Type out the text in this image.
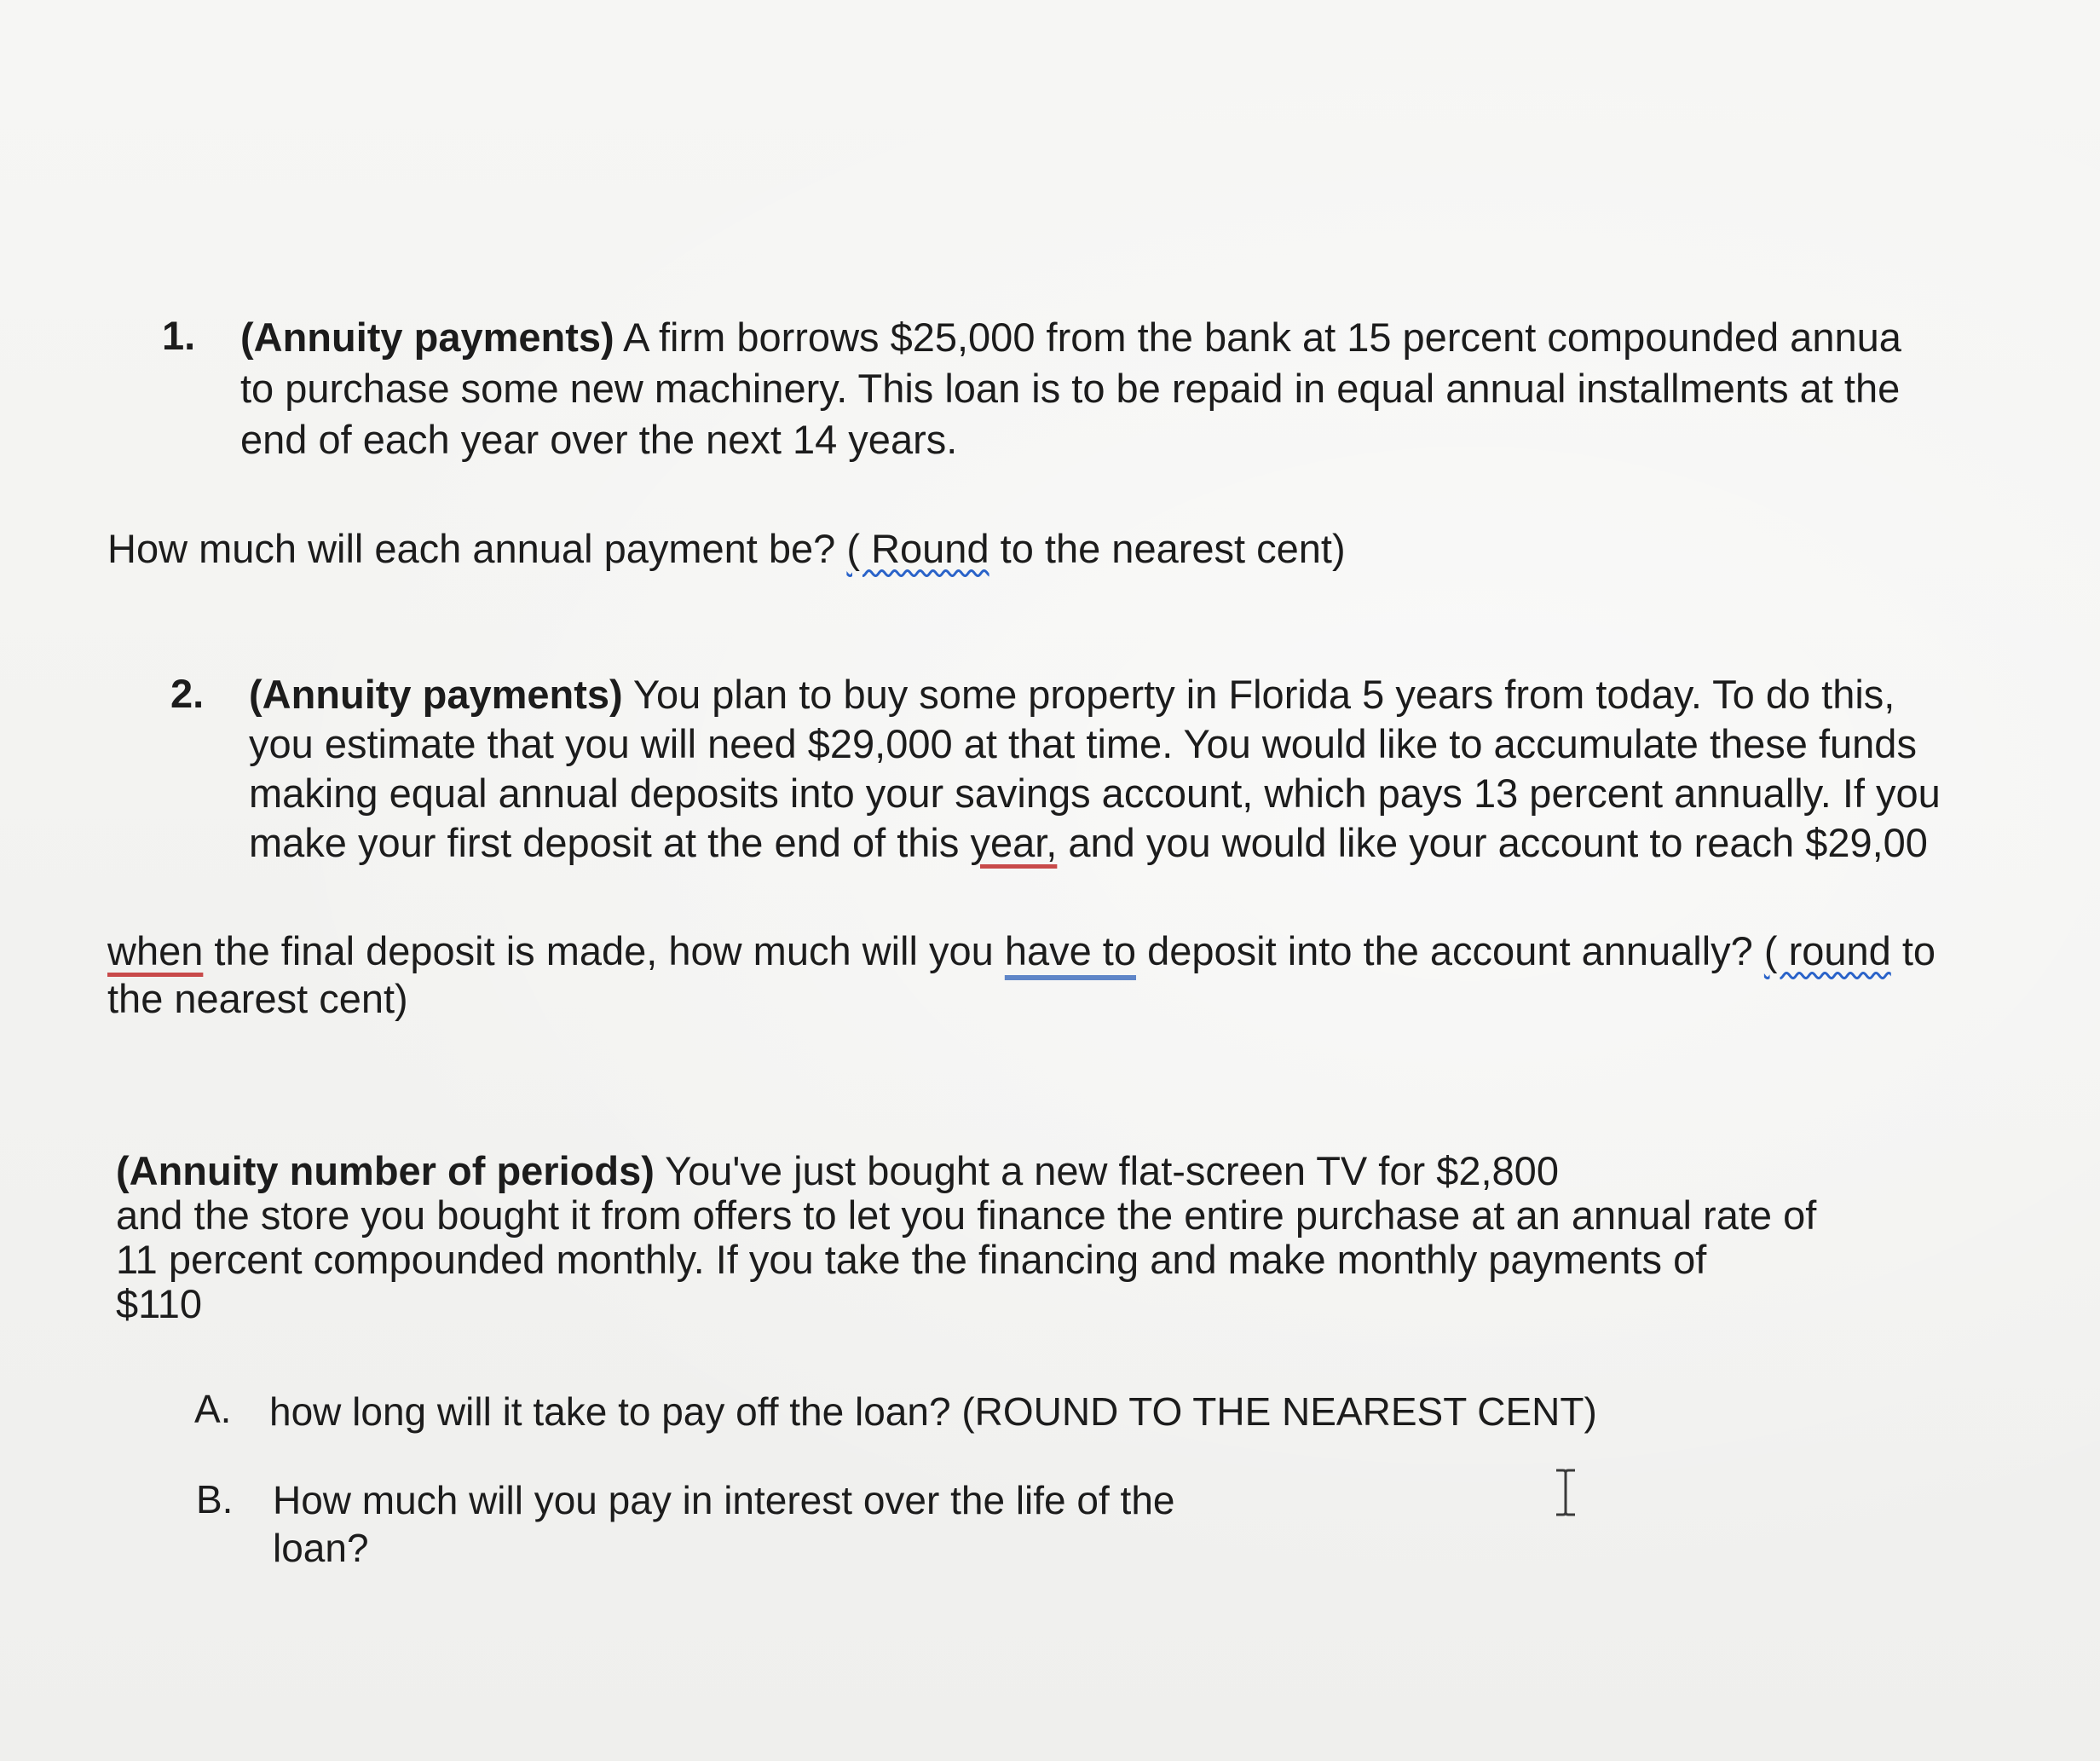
1. (Annuity payments) A firm borrows $25,000 from the bank at 15 percent compounded annua
to purchase some new machinery. This loan is to be repaid in equal annual installments at the
end of each year over the next 14 years.
How much will each annual payment be? ( Round to the nearest cent)
2. (Annuity payments) You plan to buy some property in Florida 5 years from today. To do this,
you estimate that you will need $29,000 at that time. You would like to accumulate these funds
making equal annual deposits into your savings account, which pays 13 percent annually. If you
make your first deposit at the end of this year, and you would like your account to reach $29,00
when the final deposit is made, how much will you have to deposit into the account annually? ( round to
the nearest cent)
(Annuity number of periods) You've just bought a new flat-screen TV for $2,800
and the store you bought it from offers to let you finance the entire purchase at an annual rate of
11 percent compounded monthly. If you take the financing and make monthly payments of
$110
A. how long will it take to pay off the loan? (ROUND TO THE NEAREST CENT)
B. How much will you pay in interest over the life of the
loan?
